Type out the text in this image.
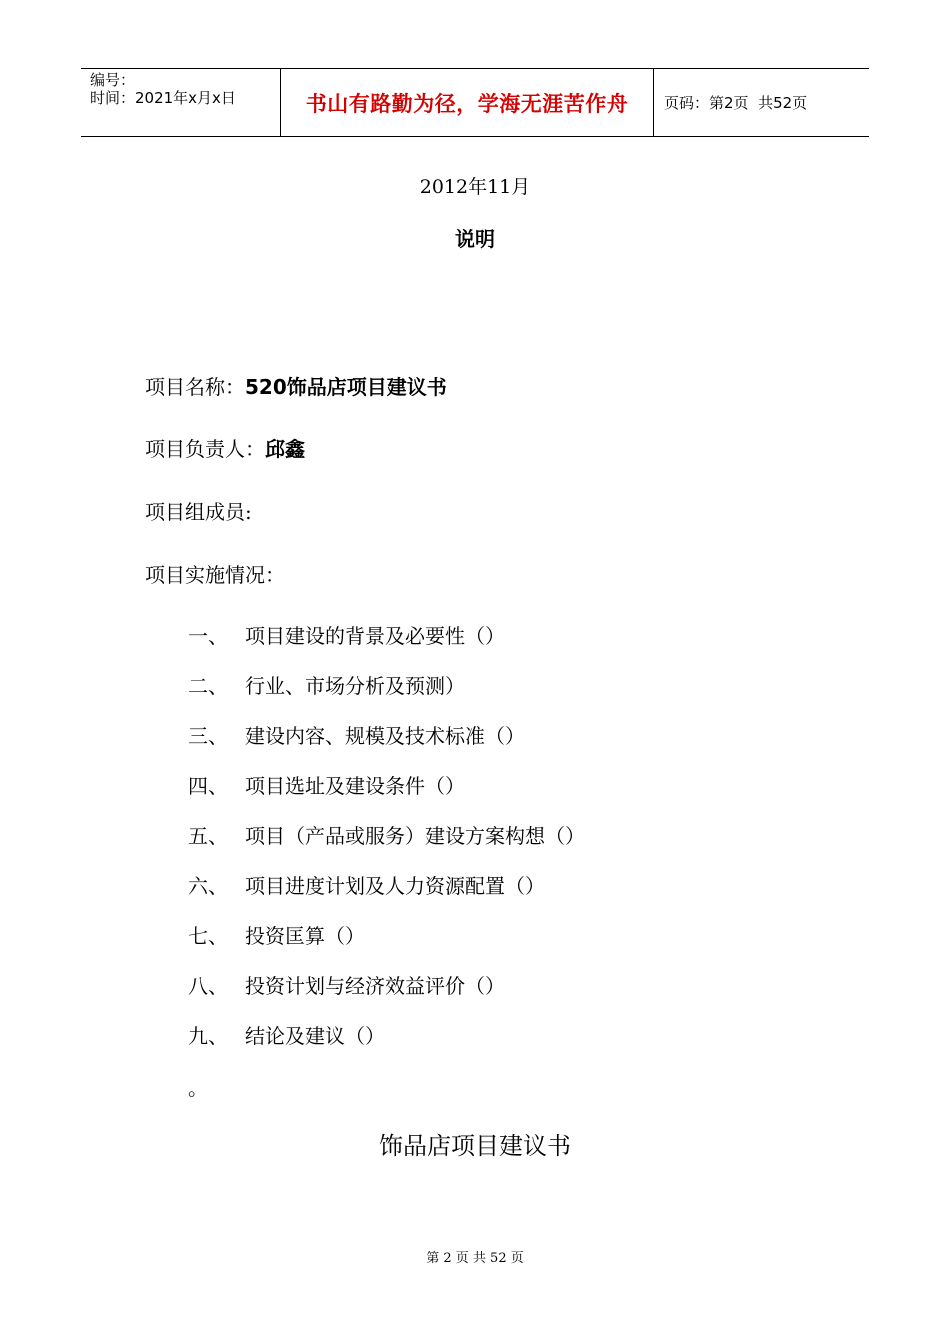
编号：
时间：2021年x月x日	书山有路勤为径，学海无涯苦作舟 页码：第2页  共52页
2012年11月
说明
项目名称：520饰品店项目建议书
项目负责人：邱鑫
项目组成员:
项目实施情况：
一、 项目建设的背景及必要性（）
二、 行业、市场分析及预测）
三、 建设内容、规模及技术标准（）
四、 项目选址及建设条件（）
五、 项目（产品或服务）建设方案构想（）
六、 项目进度计划及人力资源配置（）
七、 投资匡算（）
八、 投资计划与经济效益评价（）
九、 结论及建议（）
。
饰品店项目建议书
第 2 页 共 52 页
